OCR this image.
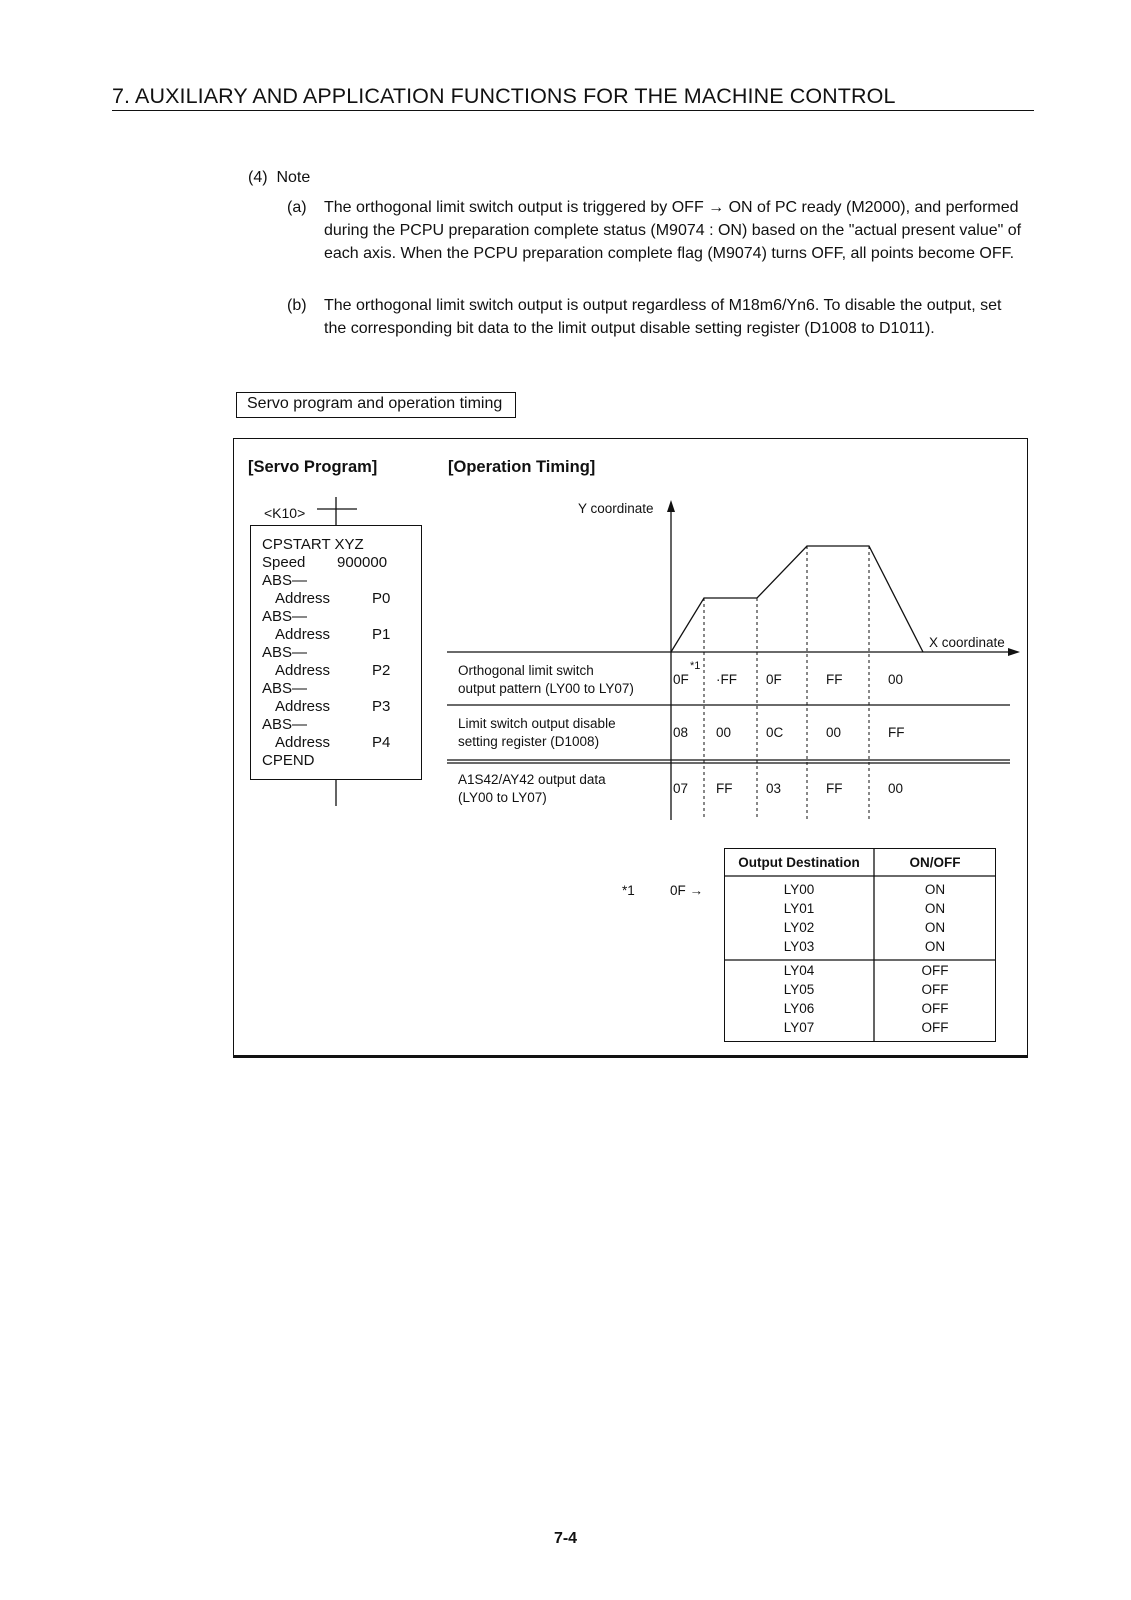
7. AUXILIARY AND APPLICATION FUNCTIONS FOR THE MACHINE CONTROL
(4)  Note
(a) The orthogonal limit switch output is triggered by OFF → ON of PC ready (M2000), and performed during the PCPU preparation complete status (M9074 : ON) based on the "actual present value" of each axis. When the PCPU preparation complete flag (M9074) turns OFF, all points become OFF.
(b) The orthogonal limit switch output is output regardless of M18m6/Yn6. To disable the output, set the corresponding bit data to the limit output disable setting register (D1008 to D1011).
Servo program and operation timing
[Servo Program]
<K10>
CPSTART XYZ
Speed 900000
ABS—
Address	P0
ABS—
Address	P1
ABS—
Address	P2
ABS—
Address	P3
ABS—
Address	P4
CPEND
[Operation Timing]
Y coordinate
X coordinate
Orthogonal limit switch
output pattern (LY00 to LY07)
0F ·FF 0F	FF	00
*1
Limit switch output disable
setting register (D1008)
08 00	0C	00	FF
A1S42/AY42 output data
(LY00 to LY07)
07 FF 03	FF	00
*1	0F →
Output Destination	ON/OFF
LY00	ON
LY01	ON
LY02	ON
LY03	ON
LY04	OFF
LY05	OFF
LY06	OFF
LY07	OFF
7-4
